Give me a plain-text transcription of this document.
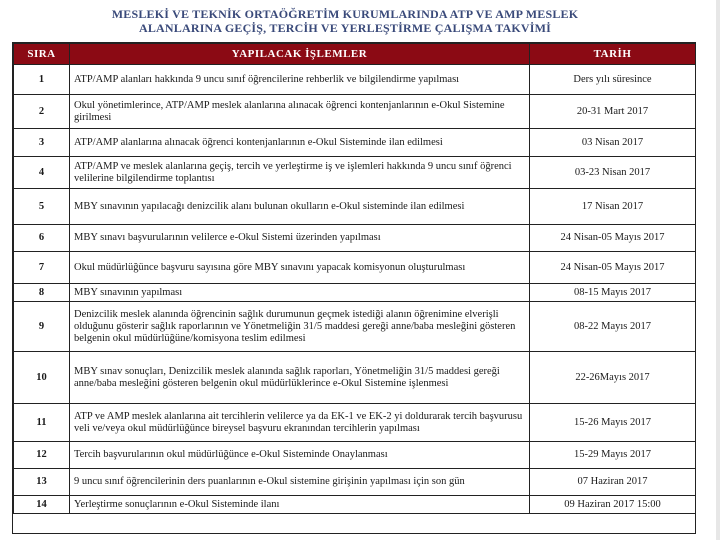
MESLEKİ VE TEKNİK ORTAÖĞRETİM KURUMLARINDA ATP VE AMP MESLEK
ALANLARINA GEÇİŞ, TERCİH VE YERLEŞTİRME ÇALIŞMA TAKVİMİ
SIRA	YAPILACAK İŞLEMLER	TARİH
1	ATP/AMP alanları hakkında 9 uncu sınıf öğrencilerine rehberlik ve bilgilendirme yapılması	Ders yılı süresince
2	Okul yönetimlerince, ATP/AMP meslek alanlarına alınacak öğrenci kontenjanlarının e-Okul Sistemine girilmesi	20-31 Mart 2017
3	ATP/AMP alanlarına alınacak öğrenci kontenjanlarının e-Okul Sisteminde ilan edilmesi	03 Nisan 2017
4	ATP/AMP ve meslek alanlarına geçiş, tercih ve yerleştirme iş ve işlemleri hakkında 9 uncu sınıf öğrenci velilerine bilgilendirme toplantısı	03-23 Nisan 2017
5	MBY sınavının yapılacağı denizcilik alanı bulunan okulların e-Okul sisteminde ilan edilmesi	17 Nisan 2017
6	MBY sınavı başvurularının velilerce e-Okul Sistemi üzerinden yapılması	24 Nisan-05 Mayıs 2017
7	Okul müdürlüğünce başvuru sayısına göre MBY sınavını yapacak komisyonun oluşturulması	24 Nisan-05 Mayıs 2017
8	MBY sınavının yapılması	08-15 Mayıs 2017
9	Denizcilik meslek alanında öğrencinin sağlık durumunun geçmek istediği alanın öğrenimine elverişli olduğunu gösterir sağlık raporlarının ve Yönetmeliğin 31/5 maddesi gereği anne/baba mesleğini gösteren belgenin okul müdürlüğüne/komisyona teslim edilmesi	08-22 Mayıs 2017
10	MBY sınav sonuçları, Denizcilik meslek alanında sağlık raporları, Yönetmeliğin 31/5 maddesi gereği anne/baba mesleğini gösteren belgenin okul müdürlüklerince e-Okul Sistemine işlenmesi	22-26Mayıs 2017
11	ATP ve AMP meslek alanlarına ait tercihlerin velilerce ya da EK-1 ve EK-2 yi doldurarak tercih başvurusu veli ve/veya okul müdürlüğünce bireysel başvuru ekranından tercihlerin yapılması	15-26 Mayıs 2017
12	Tercih başvurularının okul müdürlüğünce e-Okul Sisteminde Onaylanması	15-29 Mayıs 2017
13	9 uncu sınıf öğrencilerinin ders puanlarının e-Okul sistemine girişinin yapılması için son gün	07 Haziran 2017
14	Yerleştirme sonuçlarının e-Okul Sisteminde ilanı	09 Haziran 2017 15:00
